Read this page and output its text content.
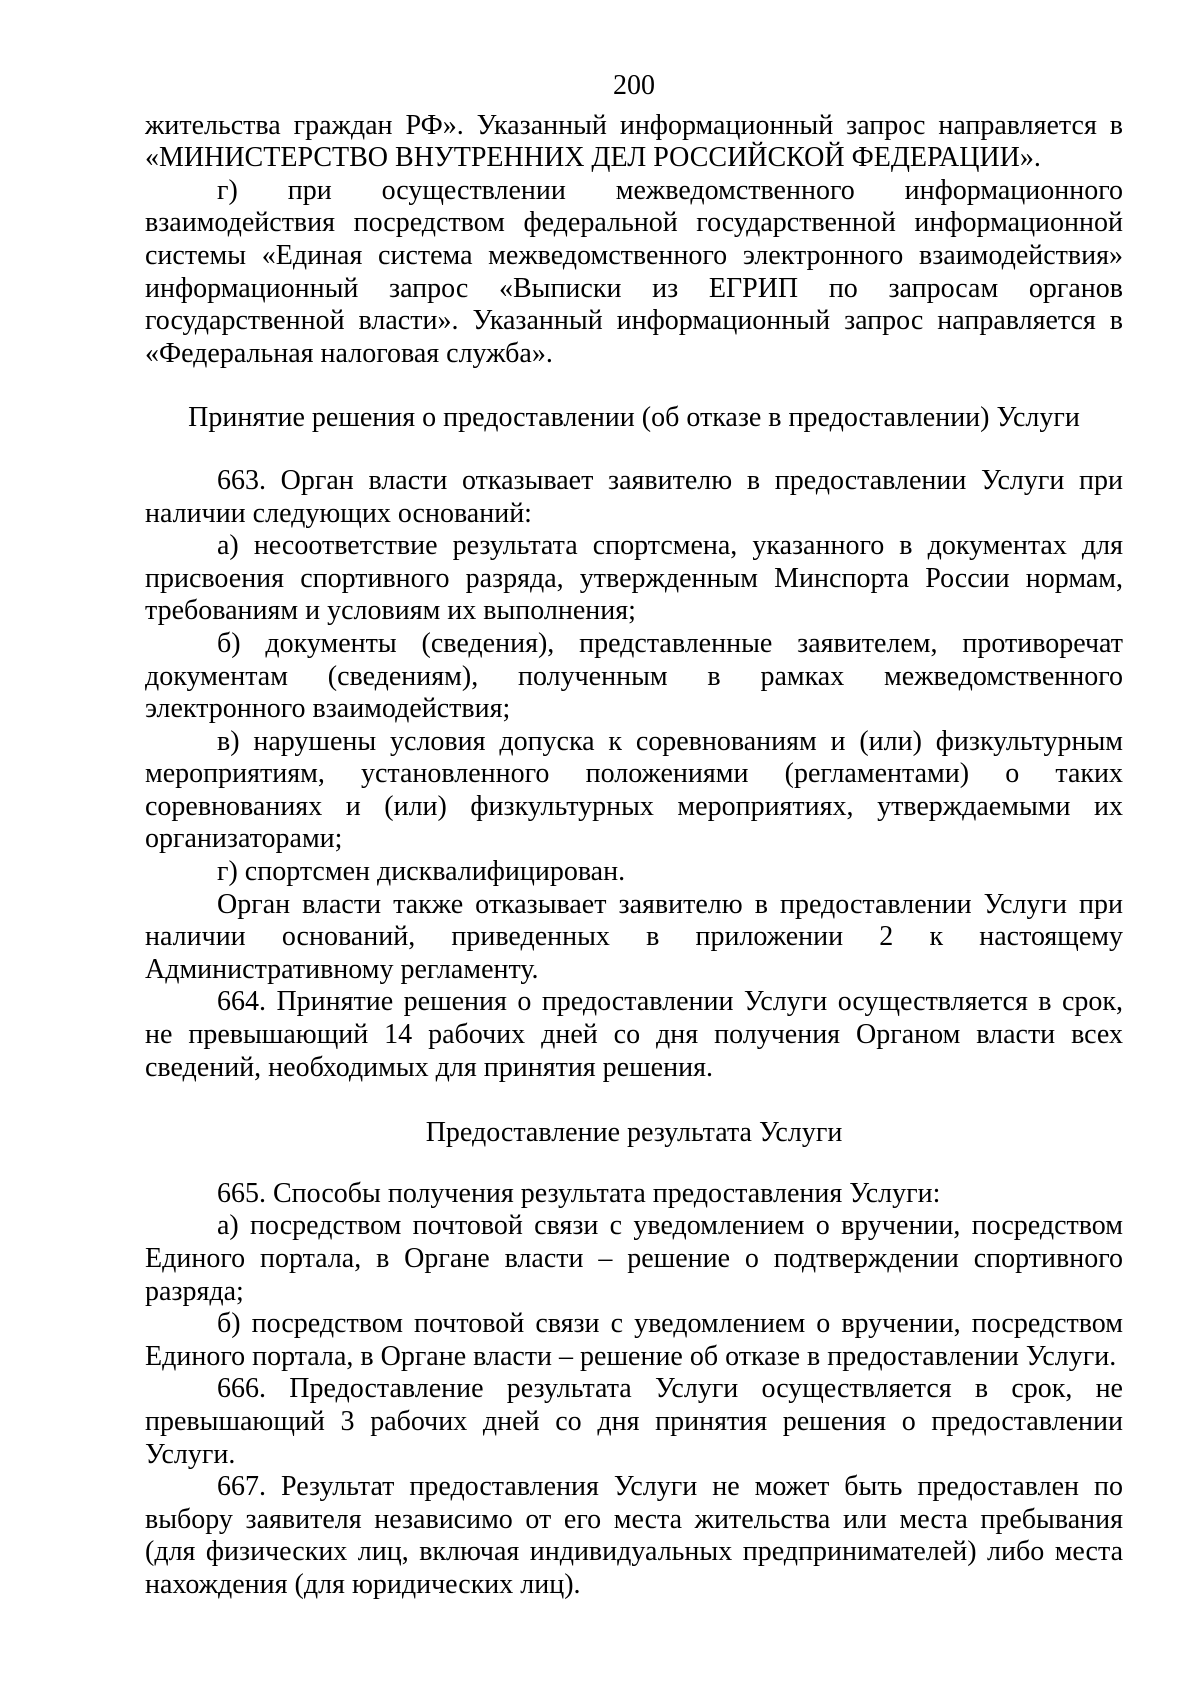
200

жительства граждан РФ». Указанный информационный запрос направляется в «МИНИСТЕРСТВО ВНУТРЕННИХ ДЕЛ РОССИЙСКОЙ ФЕДЕРАЦИИ».

г) при осуществлении межведомственного информационного взаимодействия посредством федеральной государственной информационной системы «Единая система межведомственного электронного взаимодействия» информационный запрос «Выписки из ЕГРИП по запросам органов государственной власти». Указанный информационный запрос направляется в «Федеральная налоговая служба».

Принятие решения о предоставлении (об отказе в предоставлении) Услуги

663. Орган власти отказывает заявителю в предоставлении Услуги при наличии следующих оснований:

а) несоответствие результата спортсмена, указанного в документах для присвоения спортивного разряда, утвержденным Минспорта России нормам, требованиям и условиям их выполнения;

б) документы (сведения), представленные заявителем, противоречат документам (сведениям), полученным в рамках межведомственного электронного взаимодействия;

в) нарушены условия допуска к соревнованиям и (или) физкультурным мероприятиям, установленного положениями (регламентами) о таких соревнованиях и (или) физкультурных мероприятиях, утверждаемыми их организаторами;

г) спортсмен дисквалифицирован.

Орган власти также отказывает заявителю в предоставлении Услуги при наличии оснований, приведенных в приложении 2 к настоящему Административному регламенту.

664. Принятие решения о предоставлении Услуги осуществляется в срок, не превышающий 14 рабочих дней со дня получения Органом власти всех сведений, необходимых для принятия решения.

Предоставление результата Услуги

665. Способы получения результата предоставления Услуги:

а) посредством почтовой связи с уведомлением о вручении, посредством Единого портала, в Органе власти – решение о подтверждении спортивного разряда;

б) посредством почтовой связи с уведомлением о вручении, посредством Единого портала, в Органе власти – решение об отказе в предоставлении Услуги.

666. Предоставление результата Услуги осуществляется в срок, не превышающий 3 рабочих дней со дня принятия решения о предоставлении Услуги.

667. Результат предоставления Услуги не может быть предоставлен по выбору заявителя независимо от его места жительства или места пребывания (для физических лиц, включая индивидуальных предпринимателей) либо места нахождения (для юридических лиц).
